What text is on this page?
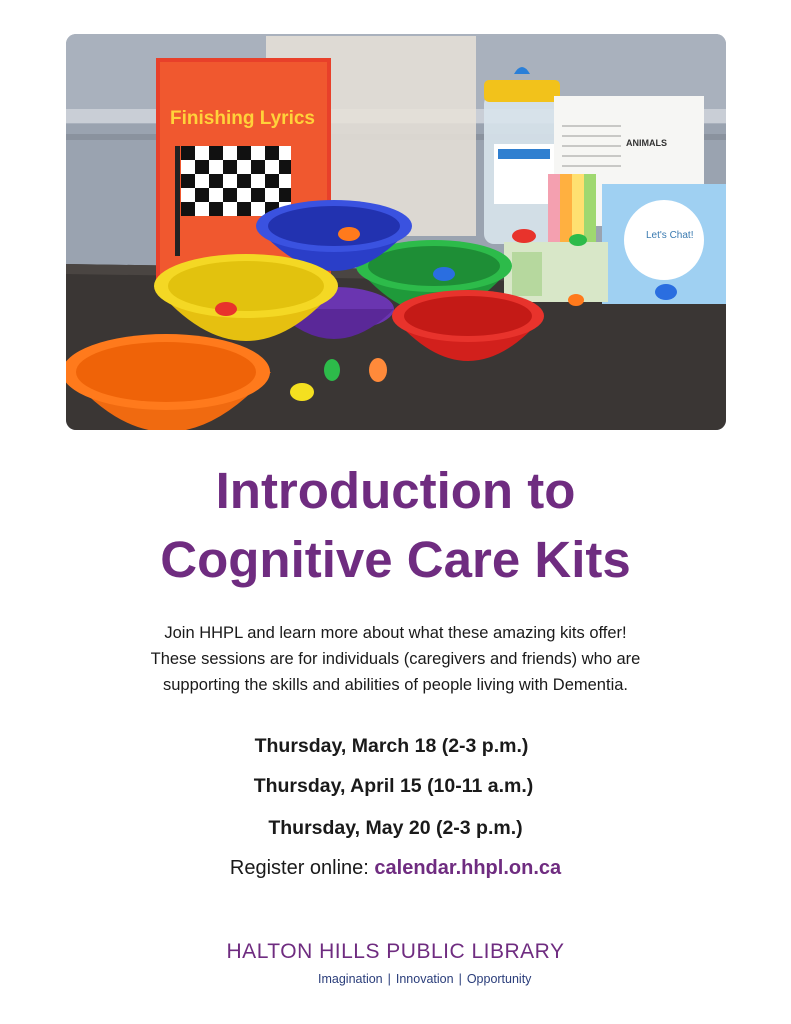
Finishing Lyrics
ANIMALS
Let's Chat!
Introduction to
Cognitive Care Kits
Join HHPL and learn more about what these amazing kits offer!
These sessions are for individuals (caregivers and friends) who are
supporting the skills and abilities of people living with Dementia.
Thursday, March 18 (2-3 p.m.)
Thursday, April 15 (10-11 a.m.)
Thursday, May 20 (2-3 p.m.)
Register online: calendar.hhpl.on.ca
HALTON HILLS PUBLIC LIBRARY
Imagination | Innovation | Opportunity
